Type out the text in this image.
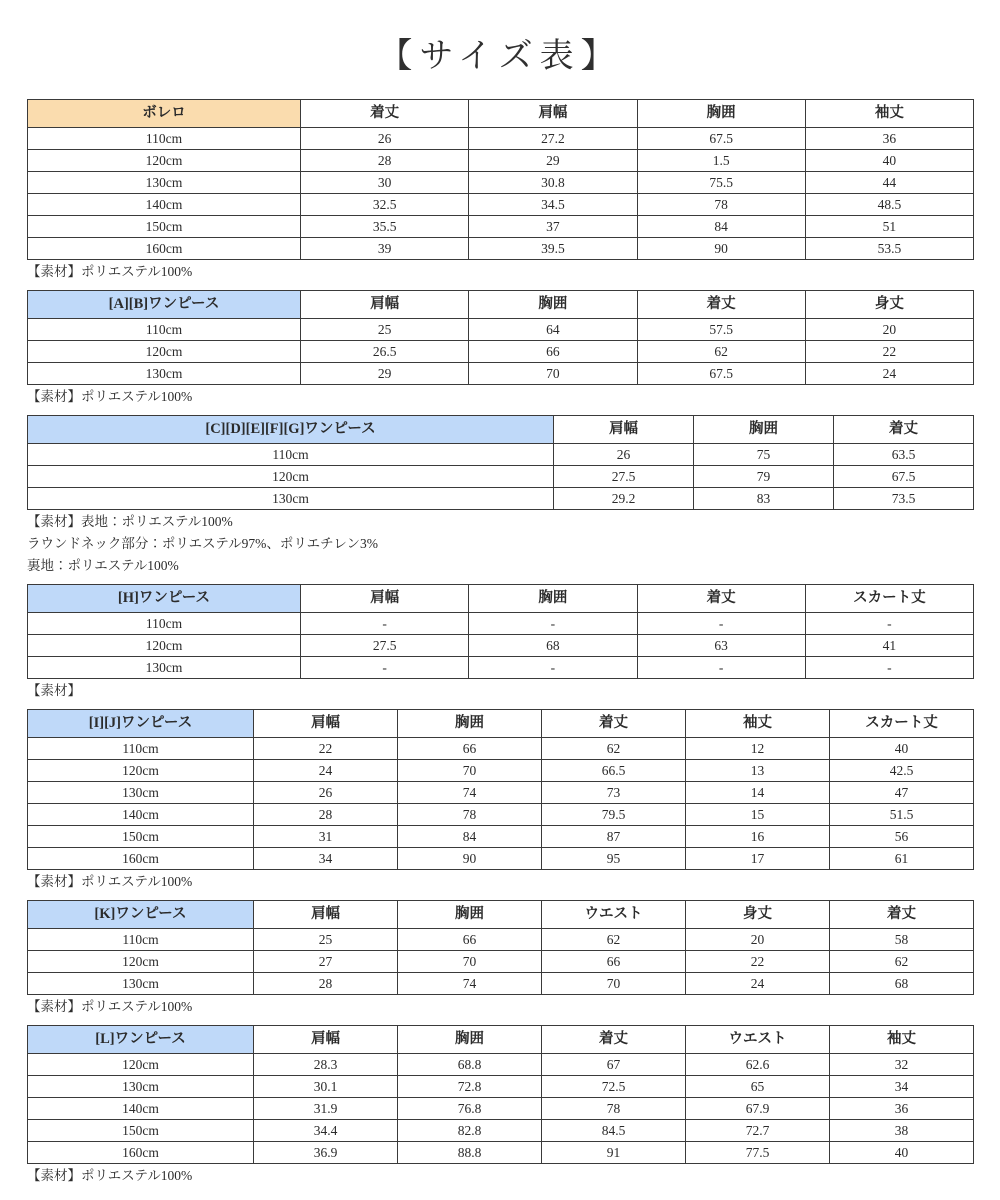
【サイズ表】
ボレロ	着丈	肩幅	胸囲	袖丈
110cm	26	27.2	67.5	36
120cm	28	29	1.5	40
130cm	30	30.8	75.5	44
140cm	32.5	34.5	78	48.5
150cm	35.5	37	84	51
160cm	39	39.5	90	53.5

【素材】ポリエステル100%

[A][B]ワンピース	肩幅	胸囲	着丈	身丈
110cm	25	64	57.5	20
120cm	26.5	66	62	22
130cm	29	70	67.5	24

【素材】ポリエステル100%

[C][D][E][F][G]ワンピース	肩幅	胸囲	着丈
110cm	26	75	63.5
120cm	27.5	79	67.5
130cm	29.2	83	73.5

【素材】表地：ポリエステル100%

ラウンドネック部分：ポリエステル97%、ポリエチレン3%

裏地：ポリエステル100%

[H]ワンピース	肩幅	胸囲	着丈	スカート丈
110cm	-	-	-	-
120cm	27.5	68	63	41
130cm	-	-	-	-

【素材】

[I][J]ワンピース	肩幅	胸囲	着丈	袖丈	スカート丈
110cm	22	66	62	12	40
120cm	24	70	66.5	13	42.5
130cm	26	74	73	14	47
140cm	28	78	79.5	15	51.5
150cm	31	84	87	16	56
160cm	34	90	95	17	61

【素材】ポリエステル100%

[K]ワンピース	肩幅	胸囲	ウエスト	身丈	着丈
110cm	25	66	62	20	58
120cm	27	70	66	22	62
130cm	28	74	70	24	68

【素材】ポリエステル100%

[L]ワンピース	肩幅	胸囲	着丈	ウエスト	袖丈
120cm	28.3	68.8	67	62.6	32
130cm	30.1	72.8	72.5	65	34
140cm	31.9	76.8	78	67.9	36
150cm	34.4	82.8	84.5	72.7	38
160cm	36.9	88.8	91	77.5	40

【素材】ポリエステル100%
